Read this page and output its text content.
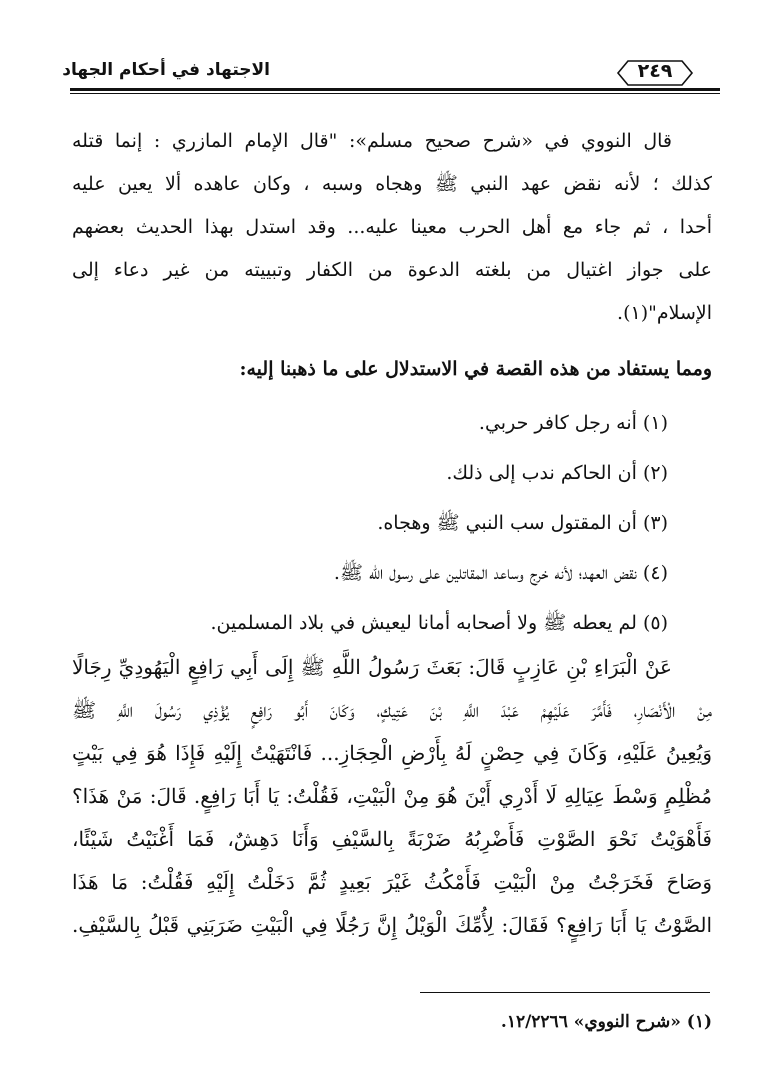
الاجتهاد في أحكام الجهاد	٢٤٩
قال النووي في «شرح صحيح مسلم»: "قال الإمام المازري : إنما قتله
كذلك ؛ لأنه نقض عهد النبي ﷺ وهجاه وسبه ، وكان عاهده ألا يعين عليه
أحدا ، ثم جاء مع أهل الحرب معينا عليه... وقد استدل بهذا الحديث بعضهم
على جواز اغتيال من بلغته الدعوة من الكفار وتبييته من غير دعاء إلى
الإسلام"(١).
ومما يستفاد من هذه القصة في الاستدلال على ما ذهبنا إليه:
(١) أنه رجل كافر حربي.
(٢) أن الحاكم ندب إلى ذلك.
(٣) أن المقتول سب النبي ﷺ وهجاه.
(٤) نقض العهد؛ لأنه خرج وساعد المقاتلين على رسول الله ﷺ.
(٥) لم يعطه ﷺ ولا أصحابه أمانا ليعيش في بلاد المسلمين.
عَنْ الْبَرَاءِ بْنِ عَازِبٍ قَالَ: بَعَثَ رَسُولُ اللَّهِ ﷺ إِلَى أَبِي رَافِعٍ الْيَهُودِيِّ رِجَالًا
مِنْ الْأَنْصَارِ، فَأَمَّرَ عَلَيْهِمْ عَبْدَ اللَّهِ بْنَ عَتِيكٍ، وَكَانَ أَبُو رَافِعٍ يُؤْذِي رَسُولَ اللَّهِ ﷺ
وَيُعِينُ عَلَيْهِ، وَكَانَ فِي حِصْنٍ لَهُ بِأَرْضِ الْحِجَازِ... فَانْتَهَيْتُ إِلَيْهِ فَإِذَا هُوَ فِي بَيْتٍ
مُظْلِمٍ وَسْطَ عِيَالِهِ لَا أَدْرِي أَيْنَ هُوَ مِنْ الْبَيْتِ، فَقُلْتُ: يَا أَبَا رَافِعٍ. قَالَ: مَنْ هَذَا؟
فَأَهْوَيْتُ نَحْوَ الصَّوْتِ فَأَضْرِبُهُ ضَرْبَةً بِالسَّيْفِ وَأَنَا دَهِشٌ، فَمَا أَغْنَيْتُ شَيْئًا،
وَصَاحَ فَخَرَجْتُ مِنْ الْبَيْتِ فَأَمْكُثُ غَيْرَ بَعِيدٍ ثُمَّ دَخَلْتُ إِلَيْهِ فَقُلْتُ: مَا هَذَا
الصَّوْتُ يَا أَبَا رَافِعٍ؟ فَقَالَ: لِأُمِّكَ الْوَيْلُ إِنَّ رَجُلًا فِي الْبَيْتِ ضَرَبَنِي قَبْلُ بِالسَّيْفِ.
(١) «شرح النووي» ١٢/٢٢٦٦.
